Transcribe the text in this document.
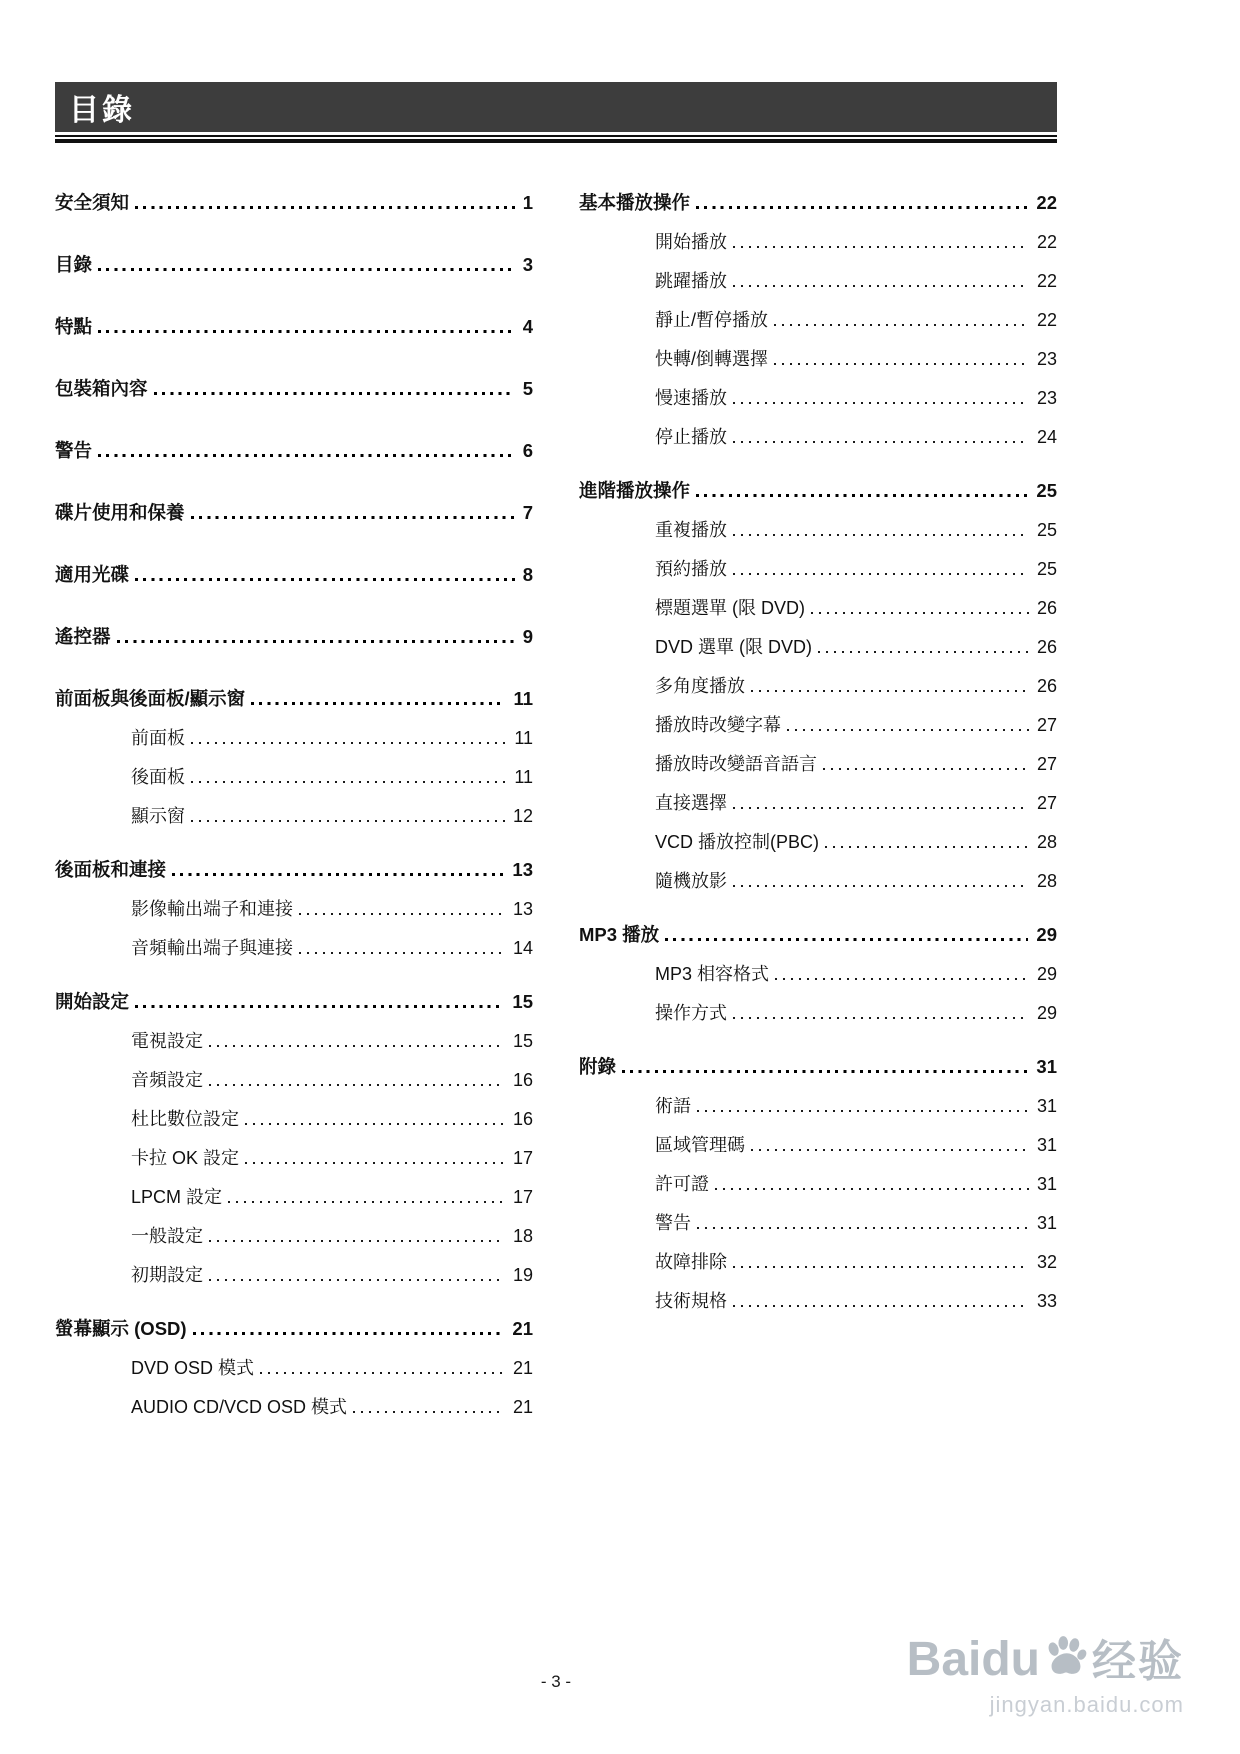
目錄
安全須知	1
目錄	3
特點	4
包裝箱內容	5
警告	6
碟片使用和保養	7
適用光碟	8
遙控器	9
前面板與後面板/顯示窗	11
前面板	11
後面板	11
顯示窗	12
後面板和連接	13
影像輸出端子和連接	13
音頻輸出端子與連接	14
開始設定	15
電視設定	15
音頻設定	16
杜比數位設定	16
卡拉 OK 設定	17
LPCM 設定	17
一般設定	18
初期設定	19
螢幕顯示 (OSD)	21
DVD OSD 模式	21
AUDIO CD/VCD OSD 模式	21
基本播放操作	22
開始播放	22
跳躍播放	22
靜止/暫停播放	22
快轉/倒轉選擇	23
慢速播放	23
停止播放	24
進階播放操作	25
重複播放	25
預約播放	25
標題選單 (限 DVD)	26
DVD 選單 (限 DVD)	26
多角度播放	26
播放時改變字幕	27
播放時改變語音語言	27
直接選擇	27
VCD 播放控制(PBC)	28
隨機放影	28
MP3 播放	29
MP3 相容格式	29
操作方式	29
附錄	31
術語	31
區域管理碼	31
許可證	31
警告	31
故障排除	32
技術規格	33
- 3 -	Baidu 经验
jingyan.baidu.com
